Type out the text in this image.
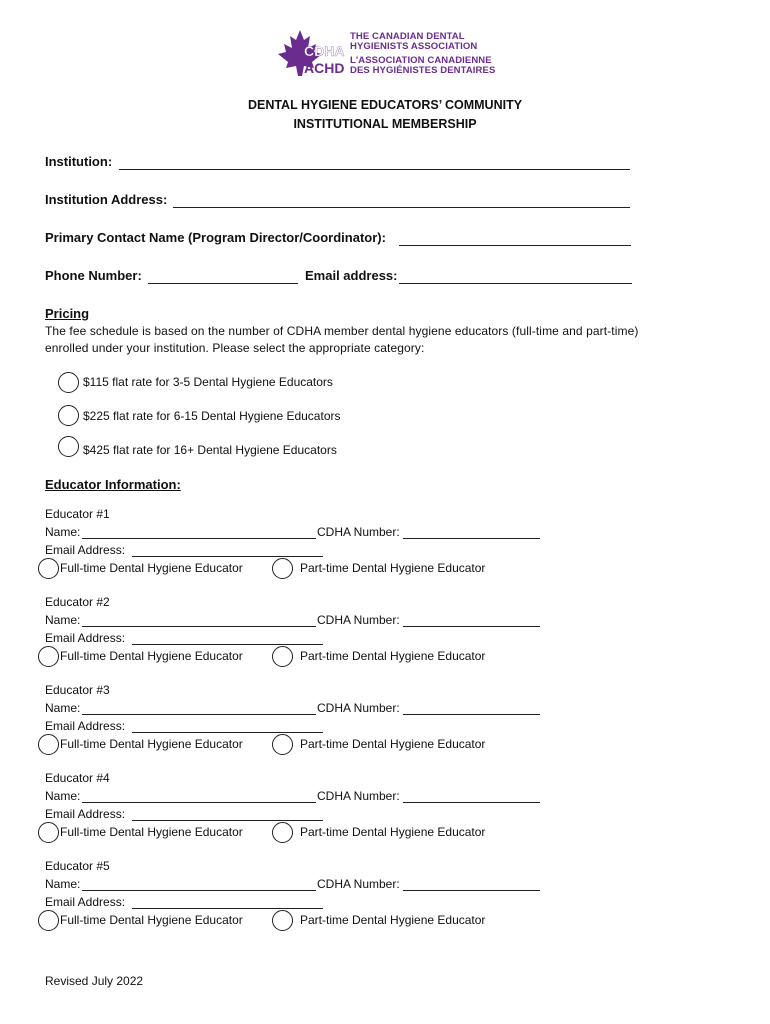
CDHA
ACHD
THE CANADIAN DENTAL
HYGIENISTS ASSOCIATION
L'ASSOCIATION CANADIENNE
DES HYGIÉNISTES DENTAIRES
DENTAL HYGIENE EDUCATORS’ COMMUNITY
INSTITUTIONAL MEMBERSHIP
Institution:
Institution Address:
Primary Contact Name (Program Director/Coordinator):
Phone Number:	Email address:
Pricing
The fee schedule is based on the number of CDHA member dental hygiene educators (full-time and part-time)
enrolled under your institution. Please select the appropriate category:
$115 flat rate for 3-5 Dental Hygiene Educators
$225 flat rate for 6-15 Dental Hygiene Educators
$425 flat rate for 16+ Dental Hygiene Educators
Educator Information:
Educator #1
Name:	CDHA Number:
Email Address:
Full-time Dental Hygiene Educator	Part-time Dental Hygiene Educator
Educator #2
Name:	CDHA Number:
Email Address:
Full-time Dental Hygiene Educator	Part-time Dental Hygiene Educator
Educator #3
Name:	CDHA Number:
Email Address:
Full-time Dental Hygiene Educator	Part-time Dental Hygiene Educator
Educator #4
Name:	CDHA Number:
Email Address:
Full-time Dental Hygiene Educator	Part-time Dental Hygiene Educator
Educator #5
Name:	CDHA Number:
Email Address:
Full-time Dental Hygiene Educator	Part-time Dental Hygiene Educator
Revised July 2022
